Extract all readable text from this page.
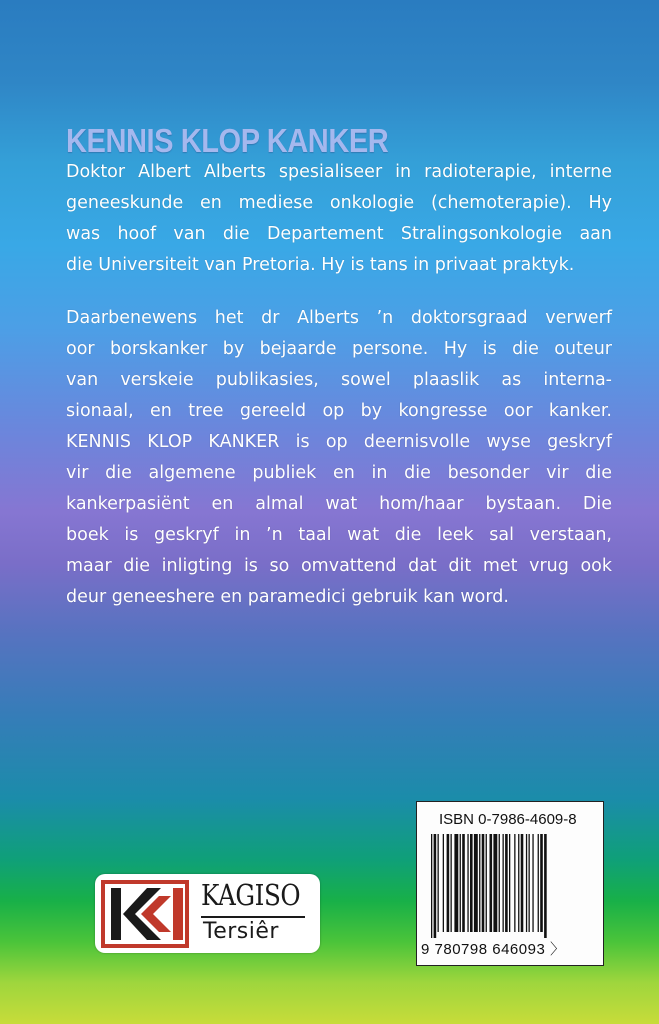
KENNIS KLOP KANKER
Doktor Albert Alberts spesialiseer in radioterapie, interne
geneeskunde en mediese onkologie (chemoterapie). Hy
was hoof van die Departement Stralingsonkologie aan
die Universiteit van Pretoria. Hy is tans in privaat praktyk.
Daarbenewens het dr Alberts ’n doktorsgraad verwerf
oor borskanker by bejaarde persone. Hy is die outeur
van verskeie publikasies, sowel plaaslik as interna-
sionaal, en tree gereeld op by kongresse oor kanker.
KENNIS KLOP KANKER is op deernisvolle wyse geskryf
vir die algemene publiek en in die besonder vir die
kankerpasiënt en almal wat hom/haar bystaan. Die
boek is geskryf in ’n taal wat die leek sal verstaan,
maar die inligting is so omvattend dat dit met vrug ook
deur geneeshere en paramedici gebruik kan word.
KAGISO
Tersiêr
ISBN 0-7986-4609-8
9 780798 646093 〉
